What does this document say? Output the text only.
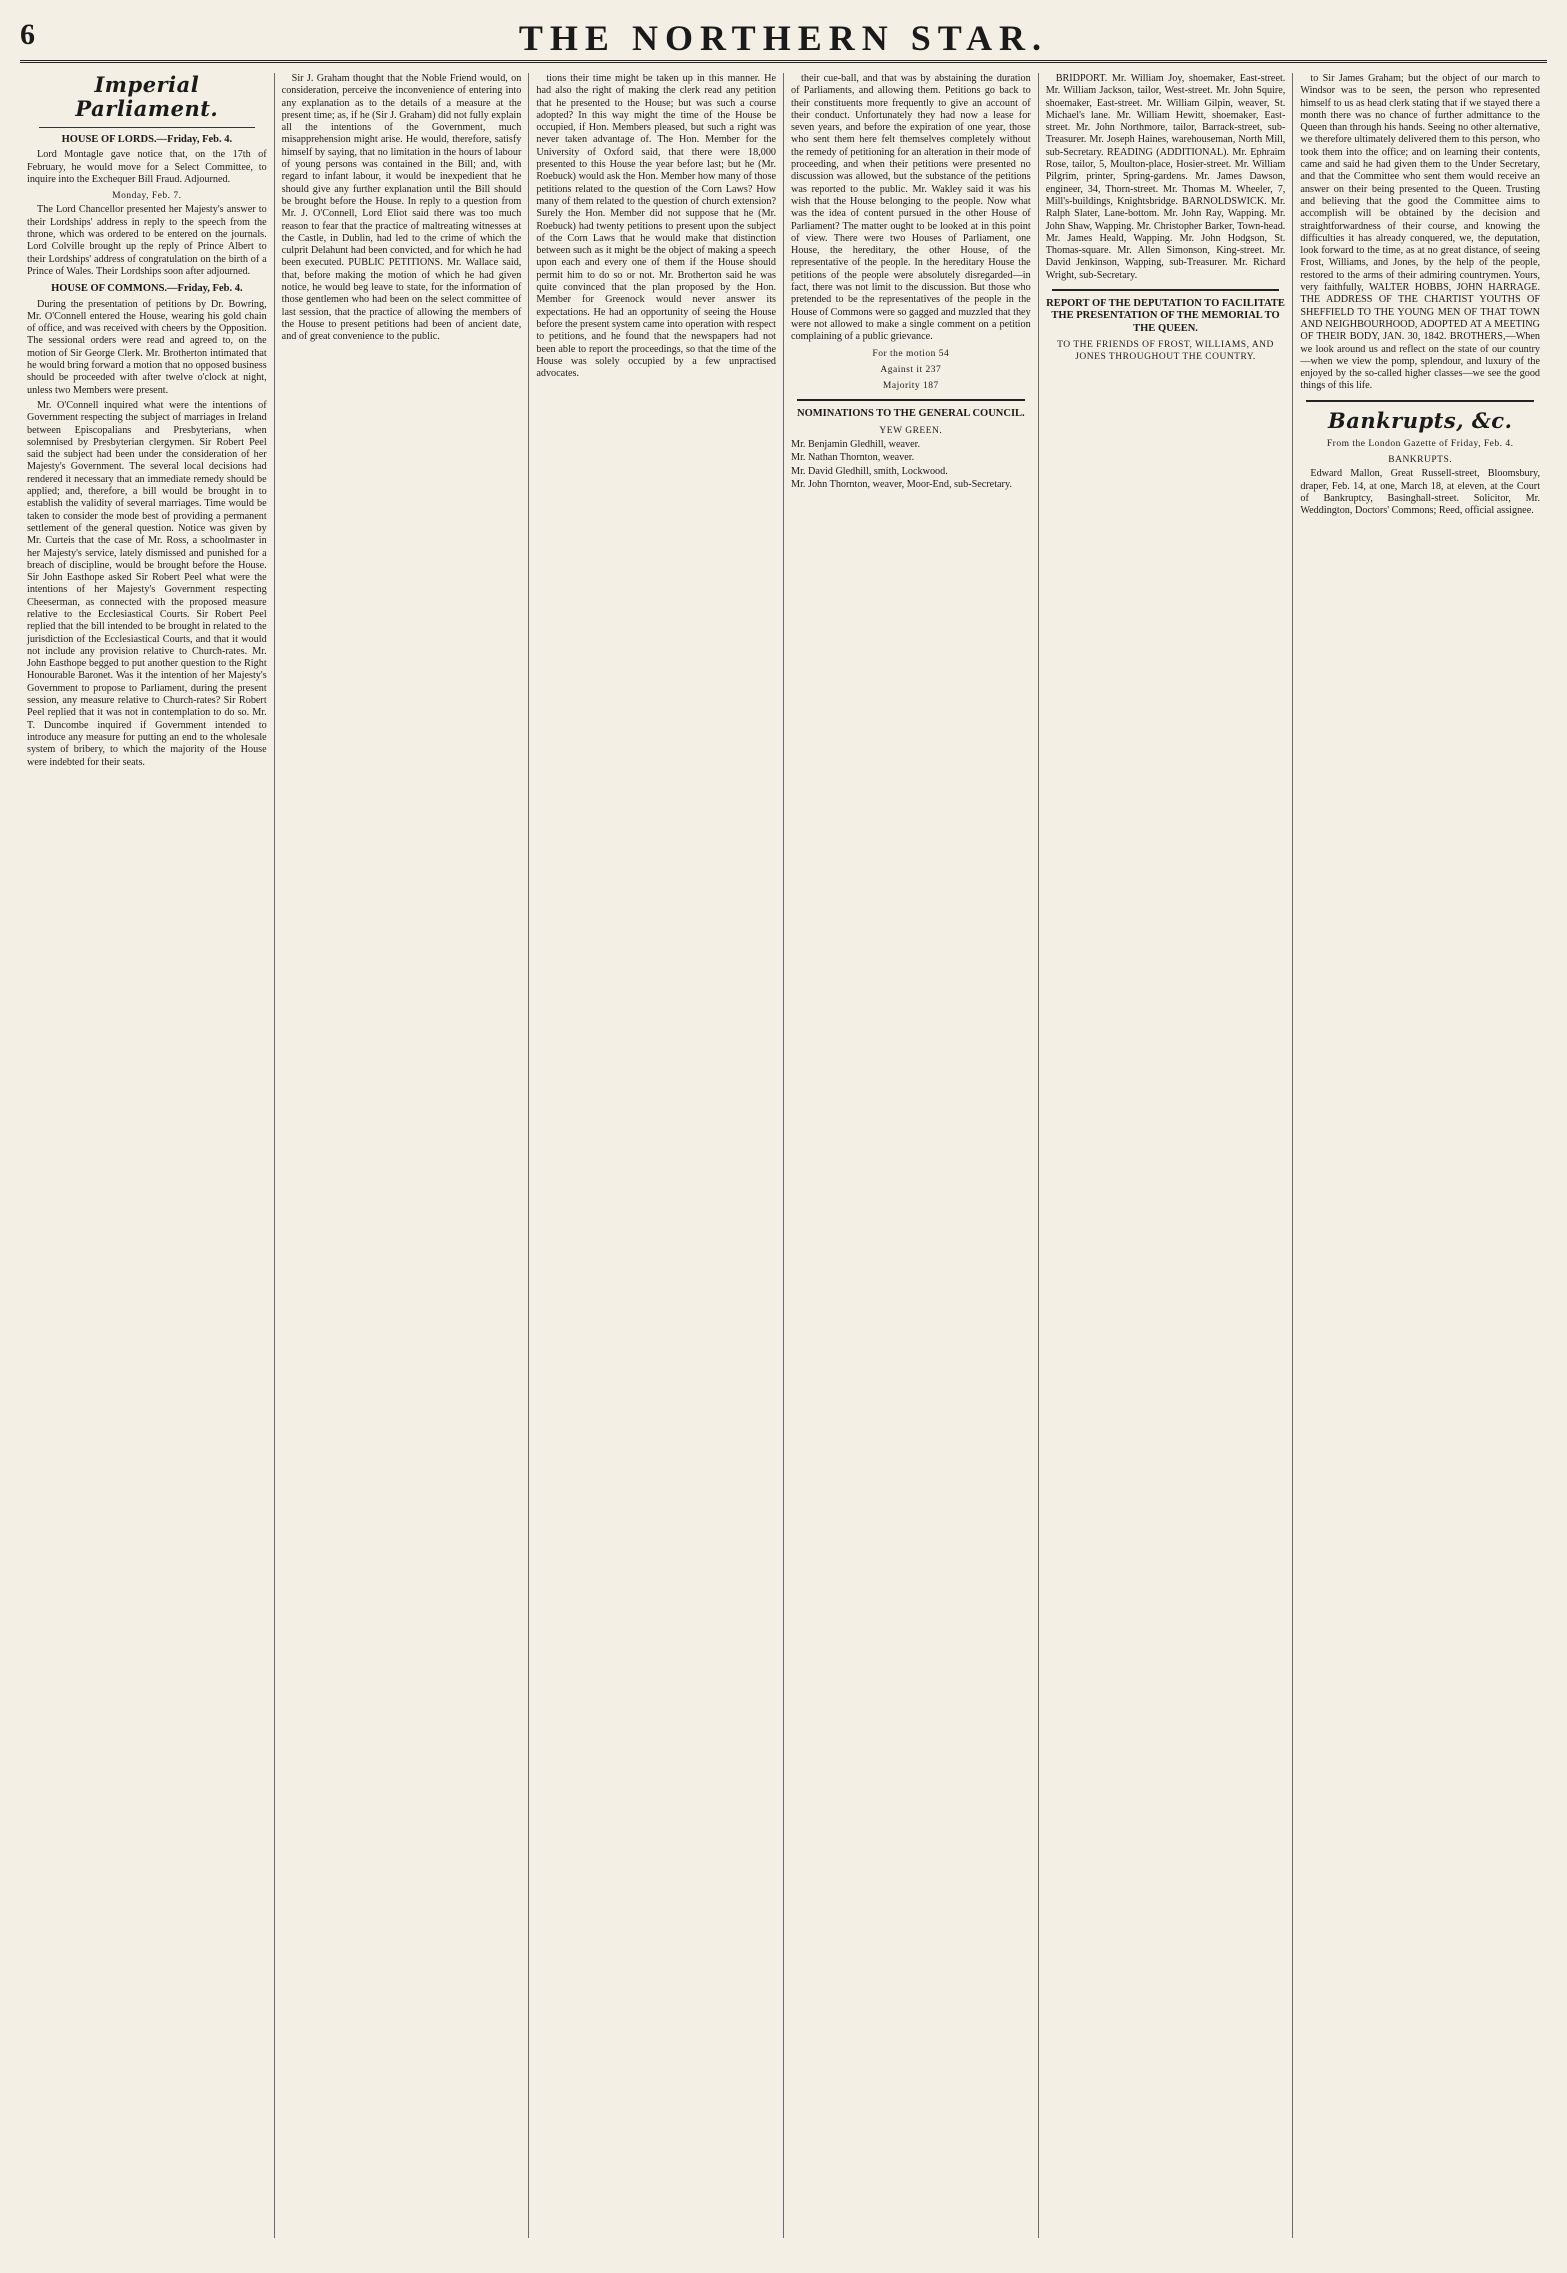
6	THE NORTHERN STAR.
Imperial Parliament.
HOUSE OF LORDS.—Friday, Feb. 4.

Lord Montagle gave notice that, on the 17th of February, he would move for a Select Committee, to inquire into the Exchequer Bill Fraud. Adjourned.

Monday, Feb. 7.

The Lord Chancellor presented her Majesty's answer to their Lordships' address in reply to the speech from the throne, which was ordered to be entered on the journals. Lord Colville brought up the reply of Prince Albert to their Lordships' address of congratulation on the birth of a Prince of Wales. Their Lordships soon after adjourned.

HOUSE OF COMMONS.—Friday, Feb. 4.

During the presentation of petitions by Dr. Bowring, Mr. O'Connell entered the House, wearing his gold chain of office, and was received with cheers by the Opposition. The sessional orders were read and agreed to, on the motion of Sir George Clerk. Mr. Brotherton intimated that he would bring forward a motion that no opposed business should be proceeded with after twelve o'clock at night, unless two Members were present.

Mr. O'Connell inquired what were the intentions of Government respecting the subject of marriages in Ireland between Episcopalians and Presbyterians, when solemnised by Presbyterian clergymen. Sir Robert Peel said the subject had been under the consideration of her Majesty's Government. The several local decisions had rendered it necessary that an immediate remedy should be applied; and, therefore, a bill would be brought in to establish the validity of several marriages. Time would be taken to consider the mode best of providing a permanent settlement of the general question. Notice was given by Mr. Curteis that the case of Mr. Ross, a schoolmaster in her Majesty's service, lately dismissed and punished for a breach of discipline, would be brought before the House. Sir John Easthope asked Sir Robert Peel what were the intentions of her Majesty's Government respecting Cheeserman, as connected with the proposed measure relative to the Ecclesiastical Courts. Sir Robert Peel replied that the bill intended to be brought in related to the jurisdiction of the Ecclesiastical Courts, and that it would not include any provision relative to Church-rates. Mr. John Easthope begged to put another question to the Right Honourable Baronet. Was it the intention of her Majesty's Government to propose to Parliament, during the present session, any measure relative to Church-rates? Sir Robert Peel replied that it was not in contemplation to do so. Mr. T. Duncombe inquired if Government intended to introduce any measure for putting an end to the wholesale system of bribery, to which the majority of the House were indebted for their seats.

Sir J. Graham thought that the Noble Friend would, on consideration, perceive the inconvenience of entering into any explanation as to the details of a measure at the present time; as, if he (Sir J. Graham) did not fully explain all the intentions of the Government, much misapprehension might arise. He would, therefore, satisfy himself by saying, that no limitation in the hours of labour of young persons was contained in the Bill; and, with regard to infant labour, it would be inexpedient that he should give any further explanation until the Bill should be brought before the House. In reply to a question from Mr. J. O'Connell, Lord Eliot said there was too much reason to fear that the practice of maltreating witnesses at the Castle, in Dublin, had led to the crime of which the culprit Delahunt had been convicted, and for which he had been executed. PUBLIC PETITIONS. Mr. Wallace said, that, before making the motion of which he had given notice, he would beg leave to state, for the information of those gentlemen who had been on the select committee of last session, that the practice of allowing the members of the House to present petitions had been of ancient date, and of great convenience to the public.

tions their time might be taken up in this manner. He had also the right of making the clerk read any petition that he presented to the House; but was such a course adopted? In this way might the time of the House be occupied, if Hon. Members pleased, but such a right was never taken advantage of. The Hon. Member for the University of Oxford said, that there were 18,000 presented to this House the year before last; but he (Mr. Roebuck) would ask the Hon. Member how many of those petitions related to the question of the Corn Laws? How many of them related to the question of church extension? Surely the Hon. Member did not suppose that he (Mr. Roebuck) had twenty petitions to present upon the subject of the Corn Laws that he would make that distinction between such as it might be the object of making a speech upon each and every one of them if the House should permit him to do so or not. Mr. Brotherton said he was quite convinced that the plan proposed by the Hon. Member for Greenock would never answer its expectations. He had an opportunity of seeing the House before the present system came into operation with respect to petitions, and he found that the newspapers had not been able to report the proceedings, so that the time of the House was solely occupied by a few unpractised advocates.

their cue-ball, and that was by abstaining the duration of Parliaments, and allowing them. Petitions go back to their constituents more frequently to give an account of their conduct. Unfortunately they had now a lease for seven years, and before the expiration of one year, those who sent them here felt themselves completely without the remedy of petitioning for an alteration in their mode of proceeding, and when their petitions were presented no discussion was allowed, but the substance of the petitions was reported to the public. Mr. Wakley said it was his wish that the House belonging to the people. Now what was the idea of content pursued in the other House of Parliament? The matter ought to be looked at in this point of view. There were two Houses of Parliament, one House, the hereditary, the other House, of the representative of the people. In the hereditary House the petitions of the people were absolutely disregarded—in fact, there was not limit to the discussion. But those who pretended to be the representatives of the people in the House of Commons were so gagged and muzzled that they were not allowed to make a single comment on a petition complaining of a public grievance.

For the motion 54
Against it 237
Majority 187
NOMINATIONS TO THE GENERAL COUNCIL.
YEW GREEN.
Mr. Benjamin Gledhill, weaver.
Mr. Nathan Thornton, weaver.
Mr. David Gledhill, smith, Lockwood.
Mr. John Thornton, weaver, Moor-End, sub-Secretary.

BRIDPORT. Mr. William Joy, shoemaker, East-street. Mr. William Jackson, tailor, West-street. Mr. John Squire, shoemaker, East-street. Mr. William Gilpin, weaver, St. Michael's lane. Mr. William Hewitt, shoemaker, East-street. Mr. John Northmore, tailor, Barrack-street, sub-Treasurer. Mr. Joseph Haines, warehouseman, North Mill, sub-Secretary. READING (ADDITIONAL). Mr. Ephraim Rose, tailor, 5, Moulton-place, Hosier-street. Mr. William Pilgrim, printer, Spring-gardens. Mr. James Dawson, engineer, 34, Thorn-street. Mr. Thomas M. Wheeler, 7, Mill's-buildings, Knightsbridge. BARNOLDSWICK. Mr. Ralph Slater, Lane-bottom. Mr. John Ray, Wapping. Mr. John Shaw, Wapping. Mr. Christopher Barker, Town-head. Mr. James Heald, Wapping. Mr. John Hodgson, St. Thomas-square. Mr. Allen Simonson, King-street. Mr. David Jenkinson, Wapping, sub-Treasurer. Mr. Richard Wright, sub-Secretary.

REPORT OF THE DEPUTATION TO FACILITATE THE PRESENTATION OF THE MEMORIAL TO THE QUEEN.
TO THE FRIENDS OF FROST, WILLIAMS, AND JONES THROUGHOUT THE COUNTRY.

to Sir James Graham; but the object of our march to Windsor was to be seen, the person who represented himself to us as head clerk stating that if we stayed there a month there was no chance of further admittance to the Queen than through his hands. Seeing no other alternative, we therefore ultimately delivered them to this person, who took them into the office; and on learning their contents, came and said he had given them to the Under Secretary, and that the Committee who sent them would receive an answer on their being presented to the Queen. Trusting and believing that the good the Committee aims to accomplish will be obtained by the decision and straightforwardness of their course, and knowing the difficulties it has already conquered, we, the deputation, look forward to the time, as at no great distance, of seeing Frost, Williams, and Jones, by the help of the people, restored to the arms of their admiring countrymen. Yours, very faithfully, WALTER HOBBS, JOHN HARRAGE. THE ADDRESS OF THE CHARTIST YOUTHS OF SHEFFIELD TO THE YOUNG MEN OF THAT TOWN AND NEIGHBOURHOOD, ADOPTED AT A MEETING OF THEIR BODY, JAN. 30, 1842. BROTHERS,—When we look around us and reflect on the state of our country—when we view the pomp, splendour, and luxury of the enjoyed by the so-called higher classes—we see the good things of this life.

Bankrupts, &c.
From the London Gazette of Friday, Feb. 4.
BANKRUPTS.

Edward Mallon, Great Russell-street, Bloomsbury, draper, Feb. 14, at one, March 18, at eleven, at the Court of Bankruptcy, Basinghall-street. Solicitor, Mr. Weddington, Doctors' Commons; Reed, official assignee.
